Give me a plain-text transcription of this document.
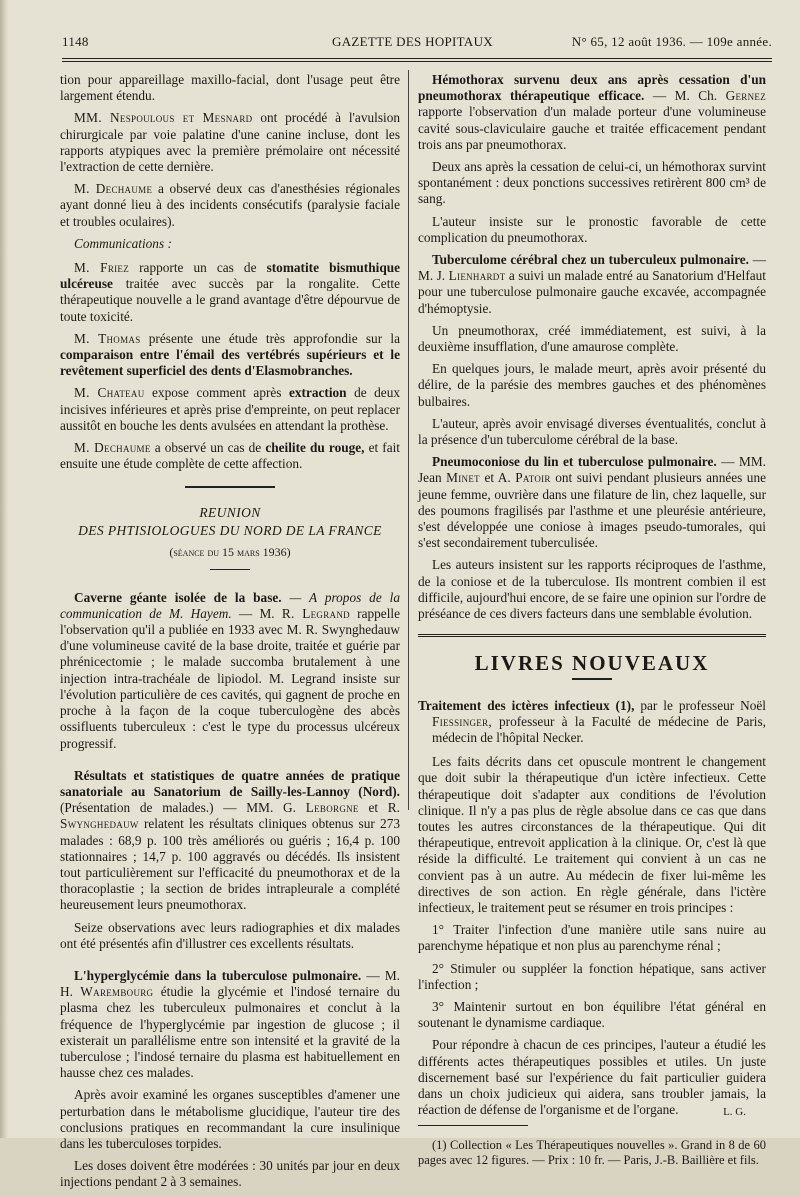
1148	GAZETTE DES HOPITAUX	N° 65, 12 août 1936. — 109e année.

tion pour appareillage maxillo-facial, dont l'usage peut être largement étendu.

MM. Nespoulous et Mesnard ont procédé à l'avulsion chirurgicale par voie palatine d'une canine incluse, dont les rapports atypiques avec la première prémolaire ont nécessité l'extraction de cette dernière.

M. Dechaume a observé deux cas d'anesthésies régionales ayant donné lieu à des incidents consécutifs (paralysie faciale et troubles oculaires).

Communications :

M. Friez rapporte un cas de stomatite bismuthique ulcéreuse traitée avec succès par la rongalite. Cette thérapeutique nouvelle a le grand avantage d'être dépourvue de toute toxicité.

M. Thomas présente une étude très approfondie sur la comparaison entre l'émail des vertébrés supérieurs et le revêtement superficiel des dents d'Elasmobranches.

M. Chateau expose comment après extraction de deux incisives inférieures et après prise d'empreinte, on peut replacer aussitôt en bouche les dents avulsées en attendant la prothèse.

M. Dechaume a observé un cas de cheilite du rouge, et fait ensuite une étude complète de cette affection.

REUNION
DES PHTISIOLOGUES DU NORD DE LA FRANCE
(séance du 15 mars 1936)

Caverne géante isolée de la base. — A propos de la communication de M. Hayem. — M. R. Legrand rappelle l'observation qu'il a publiée en 1933 avec M. R. Swynghedauw d'une volumineuse cavité de la base droite, traitée et guérie par phrénicectomie ; le malade succomba brutalement à une injection intra-trachéale de lipiodol. M. Legrand insiste sur l'évolution particulière de ces cavités, qui gagnent de proche en proche à la façon de la coque tuberculogène des abcès ossifluents tuberculeux : c'est le type du processus ulcéreux progressif.

Résultats et statistiques de quatre années de pratique sanatoriale au Sanatorium de Sailly-les-Lannoy (Nord). (Présentation de malades.) — MM. G. Leborgne et R. Swynghedauw relatent les résultats cliniques obtenus sur 273 malades : 68,9 p. 100 très améliorés ou guéris ; 16,4 p. 100 stationnaires ; 14,7 p. 100 aggravés ou décédés. Ils insistent tout particulièrement sur l'efficacité du pneumothorax et de la thoracoplastie ; la section de brides intrapleurale a complété heureusement leurs pneumothorax.

Seize observations avec leurs radiographies et dix malades ont été présentés afin d'illustrer ces excellents résultats.

L'hyperglycémie dans la tuberculose pulmonaire. — M. H. Warembourg étudie la glycémie et l'indosé ternaire du plasma chez les tuberculeux pulmonaires et conclut à la fréquence de l'hyperglycémie par ingestion de glucose ; il existerait un parallélisme entre son intensité et la gravité de la tuberculose ; l'indosé ternaire du plasma est habituellement en hausse chez ces malades.

Après avoir examiné les organes susceptibles d'amener une perturbation dans le métabolisme glucidique, l'auteur tire des conclusions pratiques en recommandant la cure insulinique dans les tuberculoses torpides.

Les doses doivent être modérées : 30 unités par jour en deux injections pendant 2 à 3 semaines.

Hémothorax survenu deux ans après cessation d'un pneumothorax thérapeutique efficace. — M. Ch. Gernez rapporte l'observation d'un malade porteur d'une volumineuse cavité sous-claviculaire gauche et traitée efficacement pendant trois ans par pneumothorax.

Deux ans après la cessation de celui-ci, un hémothorax survint spontanément : deux ponctions successives retirèrent 800 cm³ de sang.

L'auteur insiste sur le pronostic favorable de cette complication du pneumothorax.

Tuberculome cérébral chez un tuberculeux pulmonaire. — M. J. Lienhardt a suivi un malade entré au Sanatorium d'Helfaut pour une tuberculose pulmonaire gauche excavée, accompagnée d'hémoptysie.

Un pneumothorax, créé immédiatement, est suivi, à la deuxième insufflation, d'une amaurose complète.

En quelques jours, le malade meurt, après avoir présenté du délire, de la parésie des membres gauches et des phénomènes bulbaires.

L'auteur, après avoir envisagé diverses éventualités, conclut à la présence d'un tuberculome cérébral de la base.

Pneumoconiose du lin et tuberculose pulmonaire. — MM. Jean Minet et A. Patoir ont suivi pendant plusieurs années une jeune femme, ouvrière dans une filature de lin, chez laquelle, sur des poumons fragilisés par l'asthme et une pleurésie antérieure, s'est développée une coniose à images pseudo-tumorales, qui s'est secondairement tuberculisée.

Les auteurs insistent sur les rapports réciproques de l'asthme, de la coniose et de la tuberculose. Ils montrent combien il est difficile, aujourd'hui encore, de se faire une opinion sur l'ordre de préséance de ces divers facteurs dans une semblable évolution.

LIVRES NOUVEAUX

Traitement des ictères infectieux (1), par le professeur Noël Fiessinger, professeur à la Faculté de médecine de Paris, médecin de l'hôpital Necker.

Les faits décrits dans cet opuscule montrent le changement que doit subir la thérapeutique d'un ictère infectieux. Cette thérapeutique doit s'adapter aux conditions de l'évolution clinique. Il n'y a pas plus de règle absolue dans ce cas que dans toutes les autres circonstances de la thérapeutique. Qui dit thérapeutique, entrevoit application à la clinique. Or, c'est là que réside la difficulté. Le traitement qui convient à un cas ne convient pas à un autre. Au médecin de fixer lui-même les directives de son action. En règle générale, dans l'ictère infectieux, le traitement peut se résumer en trois principes :

1° Traiter l'infection d'une manière utile sans nuire au parenchyme hépatique et non plus au parenchyme rénal ;

2° Stimuler ou suppléer la fonction hépatique, sans activer l'infection ;

3° Maintenir surtout en bon équilibre l'état général en soutenant le dynamisme cardiaque.

Pour répondre à chacun de ces principes, l'auteur a étudié les différents actes thérapeutiques possibles et utiles. Un juste discernement basé sur l'expérience du fait particulier guidera dans un choix judicieux qui aidera, sans troubler jamais, la réaction de défense de l'organisme et de l'organe.	L. G.

(1) Collection « Les Thérapeutiques nouvelles ». Grand in 8 de 60 pages avec 12 figures. — Prix : 10 fr. — Paris, J.-B. Baillière et fils.
